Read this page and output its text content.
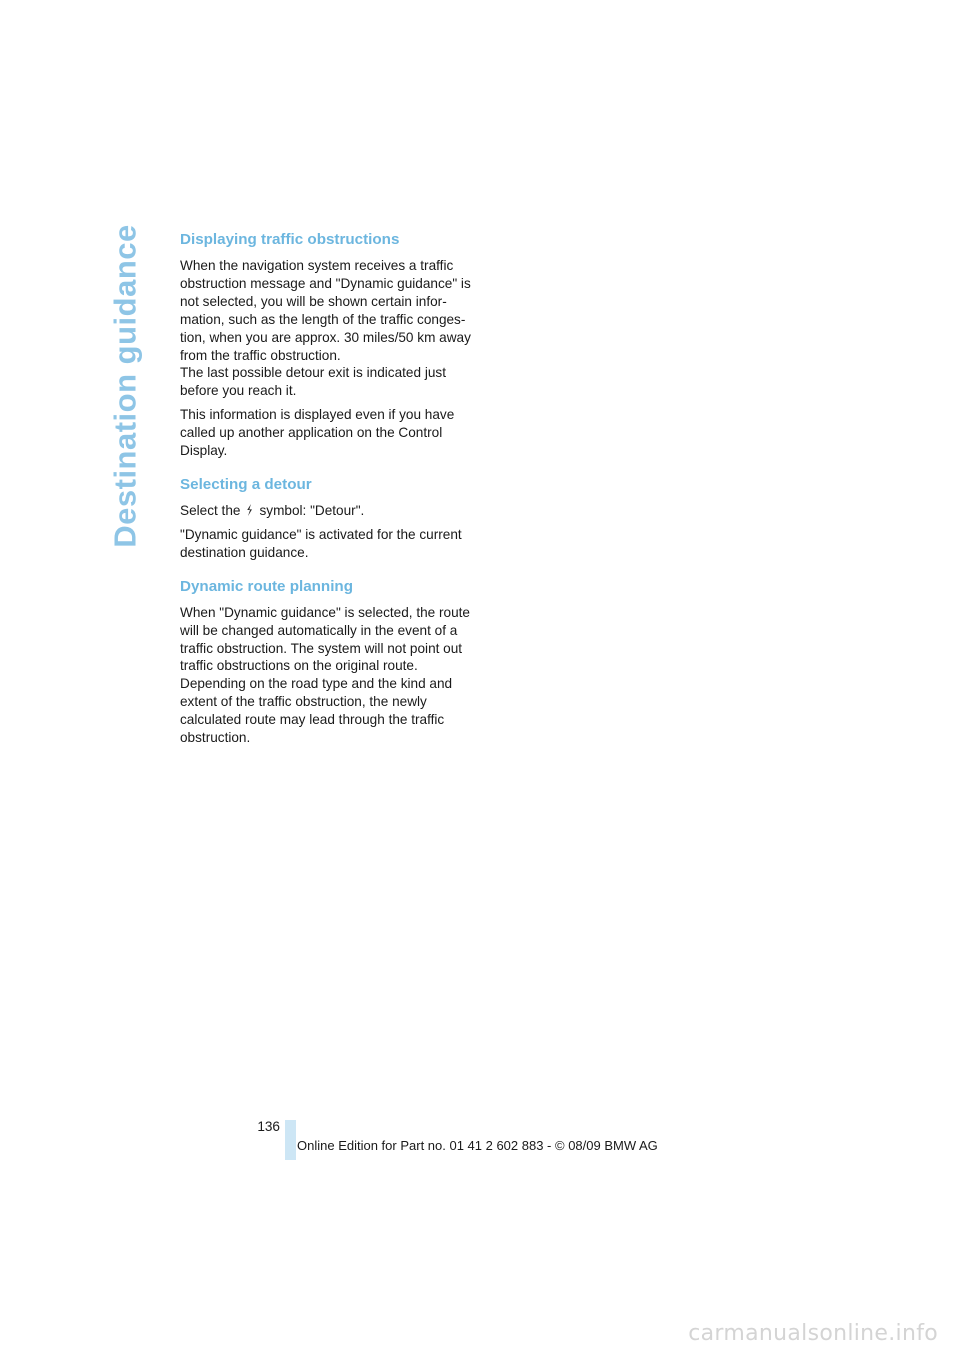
Destination guidance Displaying traffic obstructions

When the navigation system receives a traffic obstruction message and "Dynamic guidance" is not selected, you will be shown certain infor-mation, such as the length of the traffic conges-tion, when you are approx. 30 miles/50 km away from the traffic obstruction.

The last possible detour exit is indicated just before you reach it.

This information is displayed even if you have called up another application on the Control Display.

Selecting a detour

Select the symbol: "Detour".

"Dynamic guidance" is activated for the current destination guidance.

Dynamic route planning

When "Dynamic guidance" is selected, the route will be changed automatically in the event of a traffic obstruction. The system will not point out traffic obstructions on the original route. Depending on the road type and the kind and extent of the traffic obstruction, the newly calculated route may lead through the traffic obstruction.

136
Online Edition for Part no. 01 41 2 602 883 - © 08/09 BMW AG
carmanualsonline.info
